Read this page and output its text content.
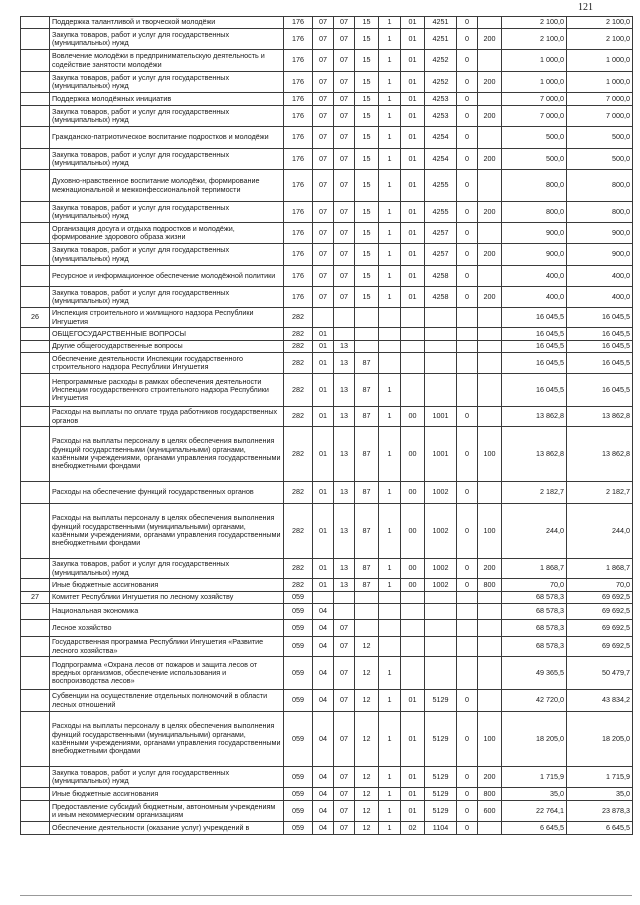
121
	Поддержка талантливой и творческой молодёжи	176	07	07	15	1	01	4251	0		2 100,0	2 100,0
	Закупка товаров, работ и услуг для государственных (муниципальных) нужд	176	07	07	15	1	01	4251	0	200	2 100,0	2 100,0
	Вовлечение молодёжи в предпринимательскую деятельность и содействие занятости молодёжи	176	07	07	15	1	01	4252	0		1 000,0	1 000,0
	Закупка товаров, работ и услуг для государственных (муниципальных) нужд	176	07	07	15	1	01	4252	0	200	1 000,0	1 000,0
	Поддержка молодёжных инициатив	176	07	07	15	1	01	4253	0		7 000,0	7 000,0
	Закупка товаров, работ и услуг для государственных (муниципальных) нужд	176	07	07	15	1	01	4253	0	200	7 000,0	7 000,0
	Гражданско-патриотическое воспитание подростков и молодёжи	176	07	07	15	1	01	4254	0		500,0	500,0
	Закупка товаров, работ и услуг для государственных (муниципальных) нужд	176	07	07	15	1	01	4254	0	200	500,0	500,0
	Духовно-нравственное воспитание молодёжи, формирование межнациональной и межконфессиональной терпимости	176	07	07	15	1	01	4255	0		800,0	800,0
	Закупка товаров, работ и услуг для государственных (муниципальных) нужд	176	07	07	15	1	01	4255	0	200	800,0	800,0
	Организация досуга и отдыха подростков и молодёжи, формирование здорового образа жизни	176	07	07	15	1	01	4257	0		900,0	900,0
	Закупка товаров, работ и услуг для государственных (муниципальных) нужд	176	07	07	15	1	01	4257	0	200	900,0	900,0
	Ресурсное и информационное обеспечение молодёжной политики	176	07	07	15	1	01	4258	0		400,0	400,0
	Закупка товаров, работ и услуг для государственных (муниципальных) нужд	176	07	07	15	1	01	4258	0	200	400,0	400,0
26	Инспекция строительного и жилищного надзора Республики Ингушетия	282									16 045,5	16 045,5
	ОБЩЕГОСУДАРСТВЕННЫЕ ВОПРОСЫ	282	01								16 045,5	16 045,5
	Другие общегосударственные вопросы	282	01	13							16 045,5	16 045,5
	Обеспечение деятельности Инспекции государственного строительного надзора Республики Ингушетия	282	01	13	87						16 045,5	16 045,5
	Непрограммные расходы в рамках обеспечения деятельности Инспекции государственного строительного надзора Республики Ингушетия	282	01	13	87	1					16 045,5	16 045,5
	Расходы на выплаты по оплате труда работников государственных органов	282	01	13	87	1	00	1001	0		13 862,8	13 862,8
	Расходы на выплаты персоналу в целях обеспечения выполнения функций государственными (муниципальными) органами, казёнными учреждениями, органами управления государственными внебюджетными фондами	282	01	13	87	1	00	1001	0	100	13 862,8	13 862,8
	Расходы на обеспечение функций государственных органов	282	01	13	87	1	00	1002	0		2 182,7	2 182,7
	Расходы на выплаты персоналу в целях обеспечения выполнения функций государственными (муниципальными) органами, казёнными учреждениями, органами управления государственными внебюджетными фондами	282	01	13	87	1	00	1002	0	100	244,0	244,0
	Закупка товаров, работ и услуг для государственных (муниципальных) нужд	282	01	13	87	1	00	1002	0	200	1 868,7	1 868,7
	Иные бюджетные ассигнования	282	01	13	87	1	00	1002	0	800	70,0	70,0
27	Комитет Республики Ингушетия по лесному хозяйству	059									68 578,3	69 692,5
	Национальная экономика	059	04								68 578,3	69 692,5
	Лесное хозяйство	059	04	07							68 578,3	69 692,5
	Государственная программа Республики Ингушетия «Развитие лесного хозяйства»	059	04	07	12						68 578,3	69 692,5
	Подпрограмма «Охрана лесов от пожаров и защита лесов от вредных организмов, обеспечение использования и воспроизводства лесов»	059	04	07	12	1					49 365,5	50 479,7
	Субвенции на осуществление отдельных полномочий в области лесных отношений	059	04	07	12	1	01	5129	0		42 720,0	43 834,2
	Расходы на выплаты персоналу в целях обеспечения выполнения функций государственными (муниципальными) органами, казёнными учреждениями, органами управления государственными внебюджетными фондами	059	04	07	12	1	01	5129	0	100	18 205,0	18 205,0
	Закупка товаров, работ и услуг для государственных (муниципальных) нужд	059	04	07	12	1	01	5129	0	200	1 715,9	1 715,9
	Иные бюджетные ассигнования	059	04	07	12	1	01	5129	0	800	35,0	35,0
	Предоставление субсидий бюджетным, автономным учреждениям и иным некоммерческим организациям	059	04	07	12	1	01	5129	0	600	22 764,1	23 878,3
	Обеспечение деятельности (оказание услуг) учреждений в	059	04	07	12	1	02	1104	0		6 645,5	6 645,5
